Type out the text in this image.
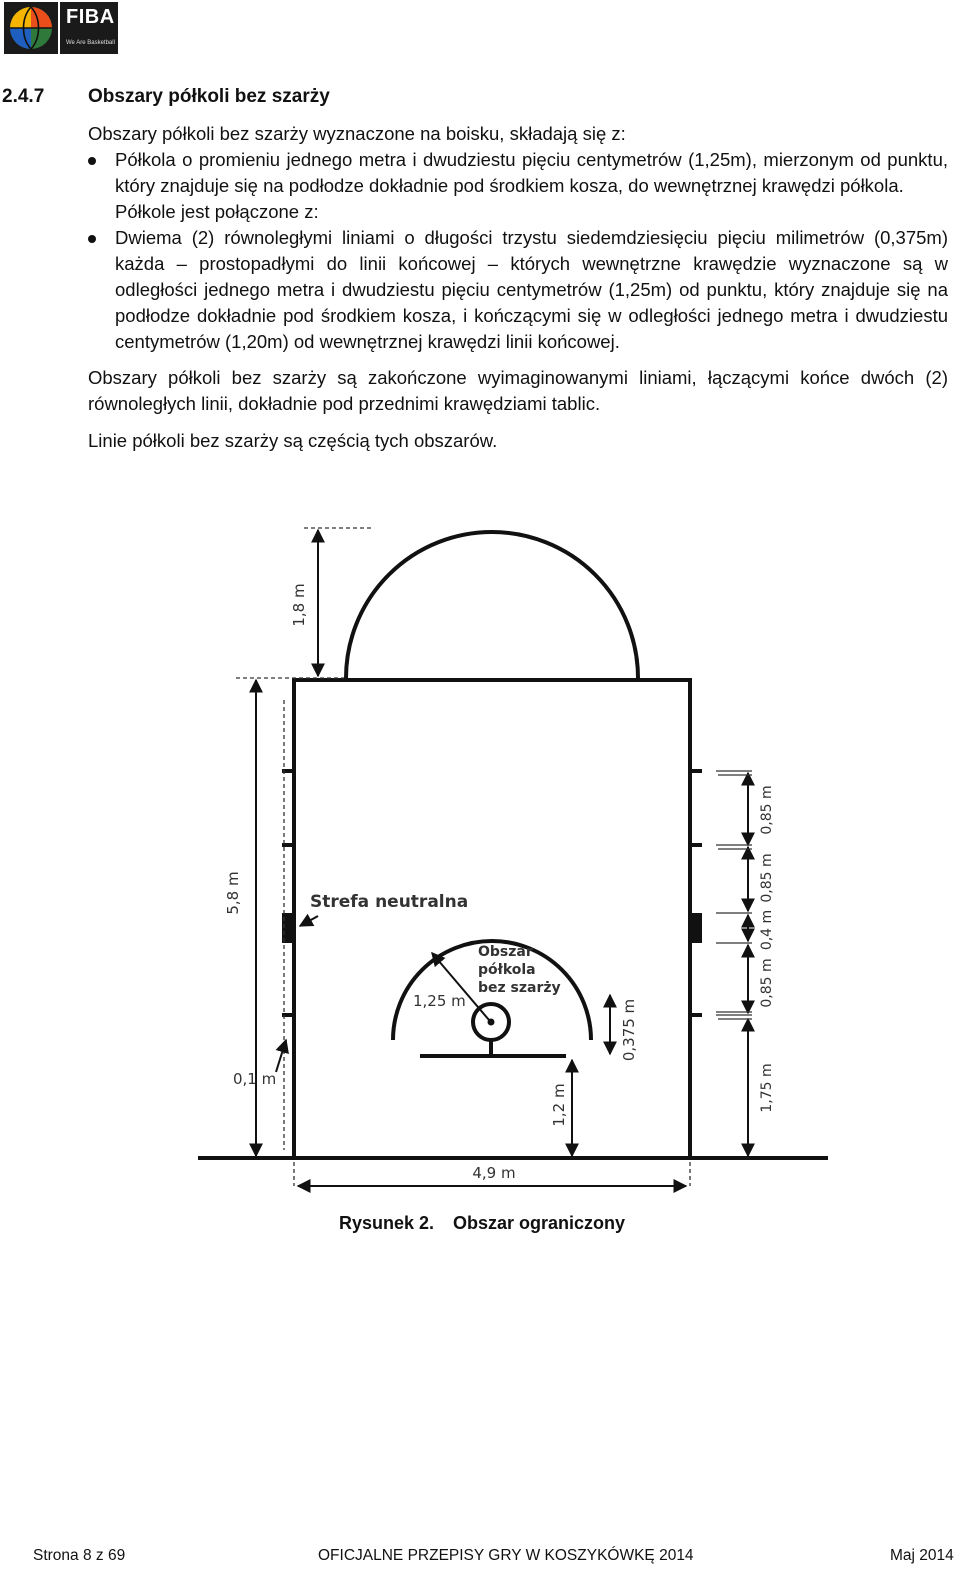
FIBA
We Are Basketball
2.4.7 Obszary półkoli bez szarży
Obszary półkoli bez szarży wyznaczone na boisku, składają się z:
Półkola o promieniu jednego metra i dwudziestu pięciu centymetrów (1,25m), mierzonym od punktu, który znajduje się na podłodze dokładnie pod środkiem kosza, do wewnętrznej krawędzi półkola.
Półkole jest połączone z:
Dwiema (2) równoległymi liniami o długości trzystu siedemdziesięciu pięciu milimetrów (0,375m) każda – prostopadłymi do linii końcowej – których wewnętrzne krawędzie wyznaczone są w odległości jednego metra i dwudziestu pięciu centymetrów (1,25m) od punktu, który znajduje się na podłodze dokładnie pod środkiem kosza, i kończącymi się w odległości jednego metra i dwudziestu centymetrów (1,20m) od wewnętrznej krawędzi linii końcowej.
Obszary półkoli bez szarży są zakończone wyimaginowanymi liniami, łączącymi końce dwóch (2) równoległych linii, dokładnie pod przednimi krawędziami tablic.
Linie półkoli bez szarży są częścią tych obszarów.
1,8 m
5,8 m	Strefa neutralna
Obszar
półkola
bez szarży
1,25 m	0,375 m
0,1 m
1,2 m
4,9 m
0,85 m
0,85 m
0,4 m
0,85 m
1,75 m
Rysunek 2. Obszar ograniczony
Strona 8 z 69	OFICJALNE PRZEPISY GRY W KOSZYKÓWKĘ 2014	Maj 2014
